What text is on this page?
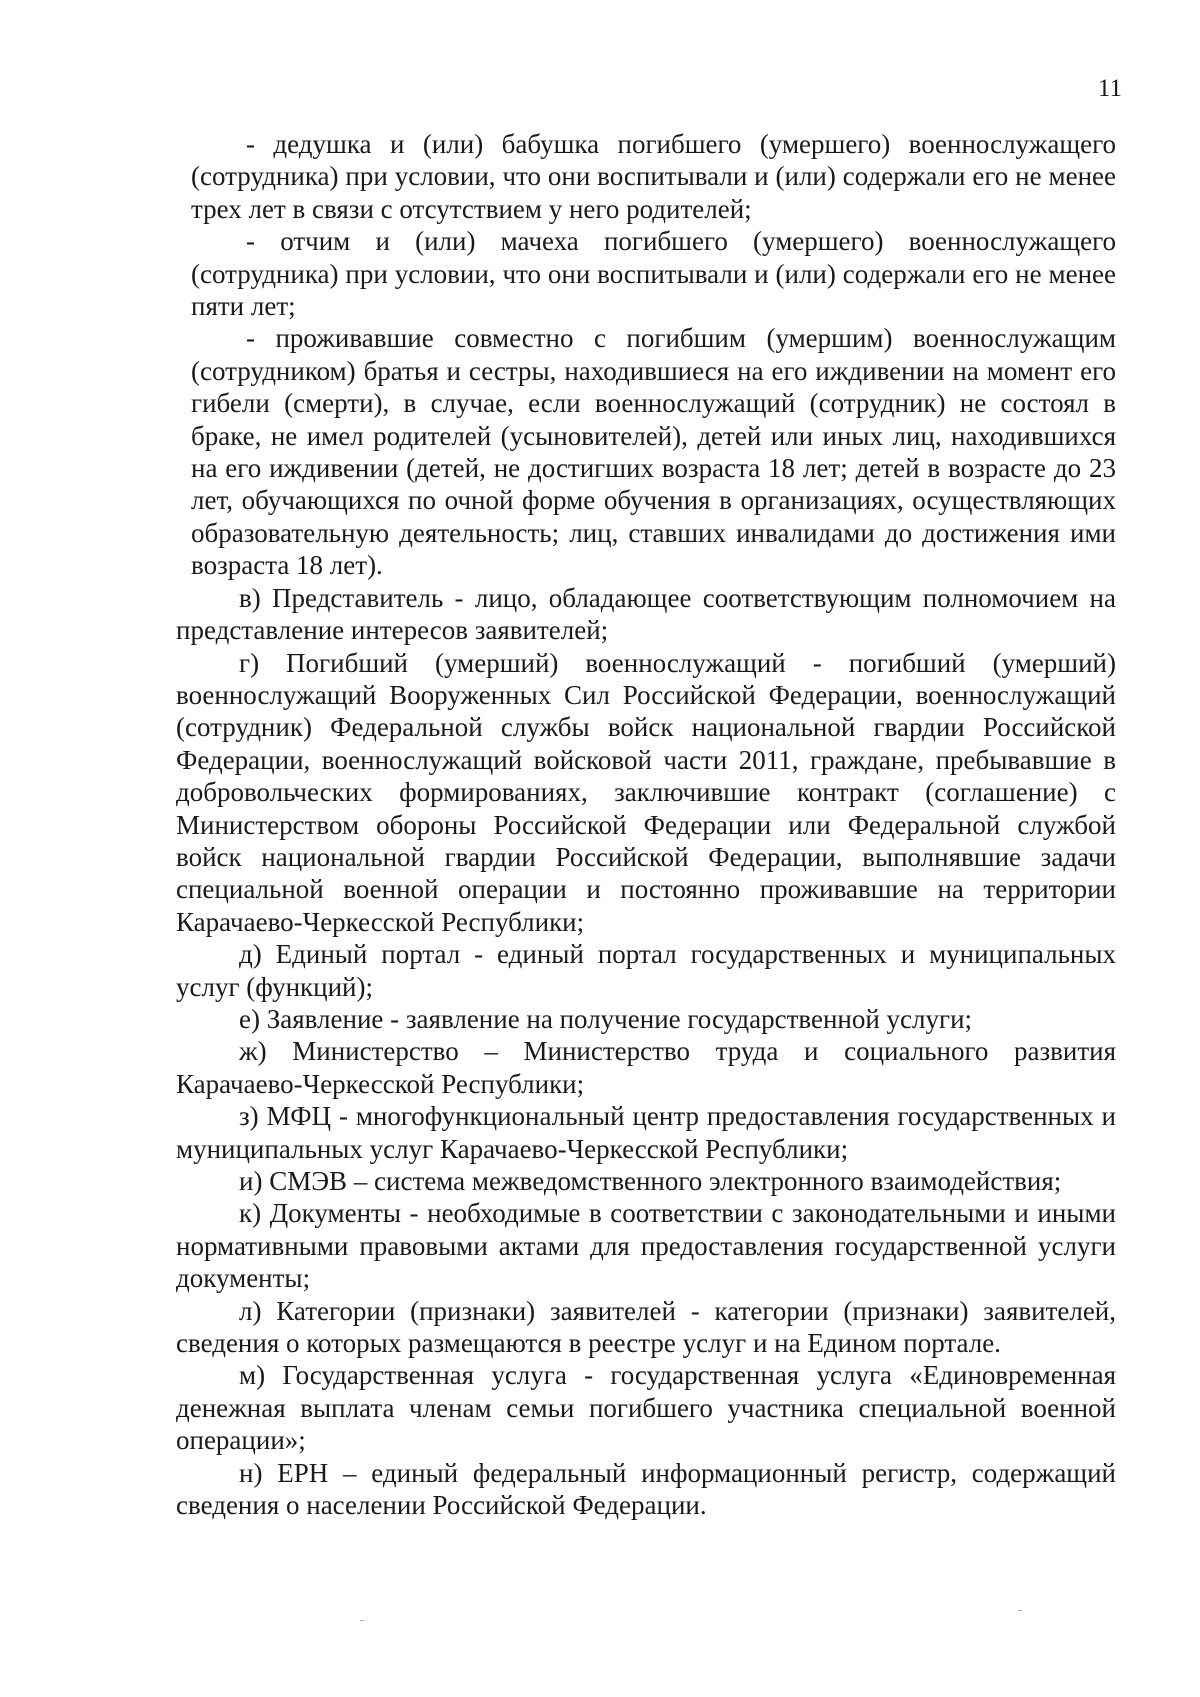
11

- дедушка и (или) бабушка погибшего (умершего) военнослужащего (сотрудника) при условии, что они воспитывали и (или) содержали его не менее трех лет в связи с отсутствием у него родителей;

- отчим и (или) мачеха погибшего (умершего) военнослужащего (сотрудника) при условии, что они воспитывали и (или) содержали его не менее пяти лет;

- проживавшие совместно с погибшим (умершим) военнослужащим (сотрудником) братья и сестры, находившиеся на его иждивении на момент его гибели (смерти), в случае, если военнослужащий (сотрудник) не состоял в браке, не имел родителей (усыновителей), детей или иных лиц, находившихся на его иждивении (детей, не достигших возраста 18 лет; детей в возрасте до 23 лет, обучающихся по очной форме обучения в организациях, осуществляющих образовательную деятельность; лиц, ставших инвалидами до достижения ими возраста 18 лет).

в) Представитель - лицо, обладающее соответствующим полномочием на представление интересов заявителей;

г) Погибший (умерший) военнослужащий - погибший (умерший) военнослужащий Вооруженных Сил Российской Федерации, военнослужащий (сотрудник) Федеральной службы войск национальной гвардии Российской Федерации, военнослужащий войсковой части 2011, граждане, пребывавшие в добровольческих формированиях, заключившие контракт (соглашение) с Министерством обороны Российской Федерации или Федеральной службой войск национальной гвардии Российской Федерации, выполнявшие задачи специальной военной операции и постоянно проживавшие на территории Карачаево-Черкесской Республики;

д) Единый портал - единый портал государственных и муниципальных услуг (функций);

е) Заявление - заявление на получение государственной услуги;

ж) Министерство – Министерство труда и социального развития Карачаево-Черкесской Республики;

з) МФЦ - многофункциональный центр предоставления государственных и муниципальных услуг Карачаево-Черкесской Республики;

и) СМЭВ – система межведомственного электронного взаимодействия;

к) Документы - необходимые в соответствии с законодательными и иными нормативными правовыми актами для предоставления государственной услуги документы;

л) Категории (признаки) заявителей - категории (признаки) заявителей, сведения о которых размещаются в реестре услуг и на Едином портале.

м) Государственная услуга - государственная услуга «Единовременная денежная выплата членам семьи погибшего участника специальной военной операции»;

н) ЕРН – единый федеральный информационный регистр, содержащий сведения о населении Российской Федерации.
